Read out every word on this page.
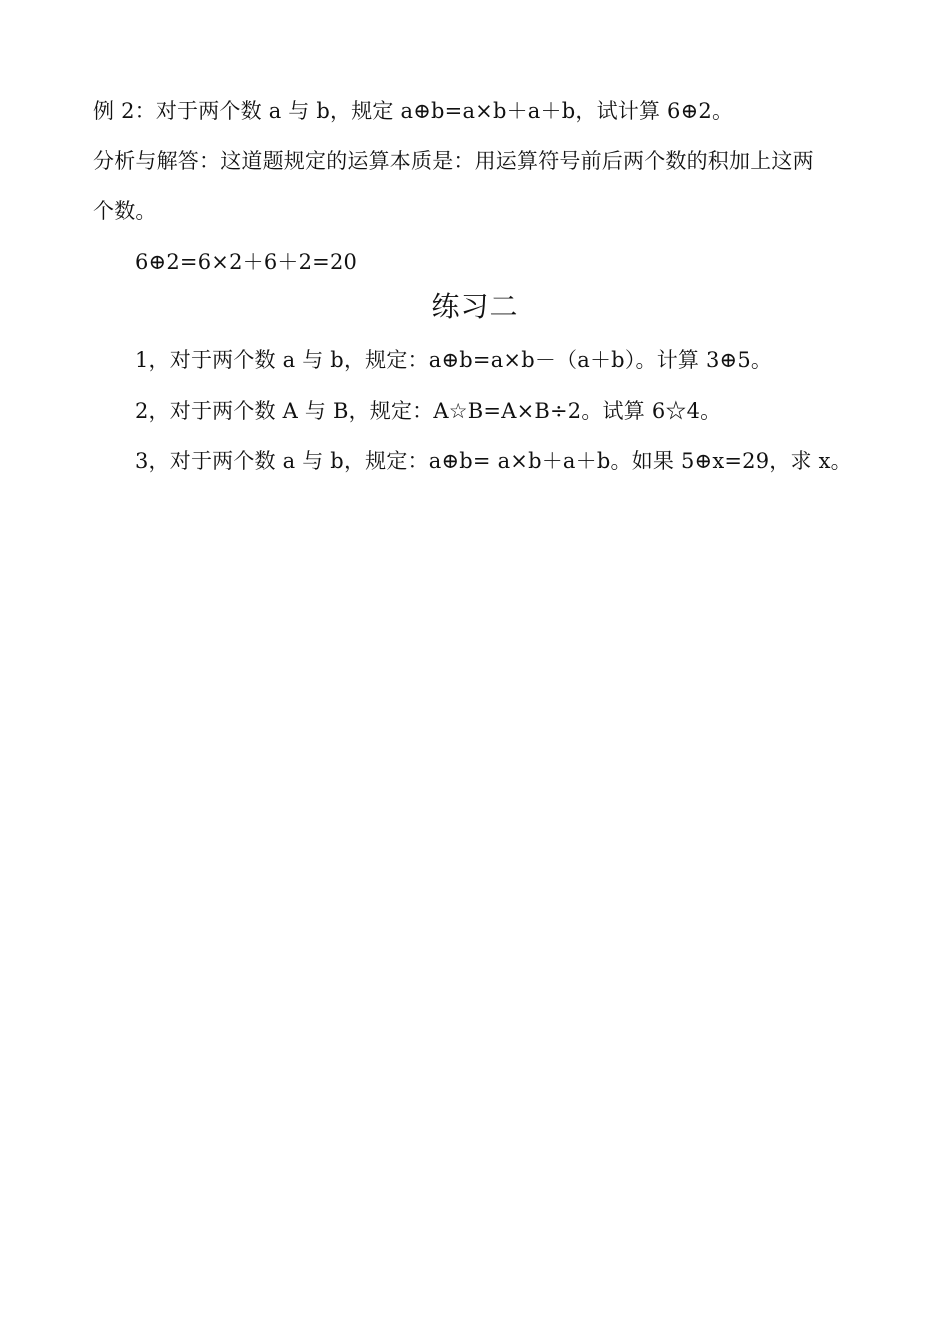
例 2：对于两个数 a 与 b，规定 a⊕b=a×b＋a＋b，试计算 6⊕2。
分析与解答：这道题规定的运算本质是：用运算符号前后两个数的积加上这两
个数。
6⊕2=6×2＋6＋2=20
练习二
1，对于两个数 a 与 b，规定：a⊕b=a×b－（a＋b）。计算 3⊕5。
2，对于两个数 A 与 B，规定：A☆B=A×B÷2。试算 6☆4。
3，对于两个数 a 与 b，规定：a⊕b= a×b＋a＋b。如果 5⊕x=29，求 x。
